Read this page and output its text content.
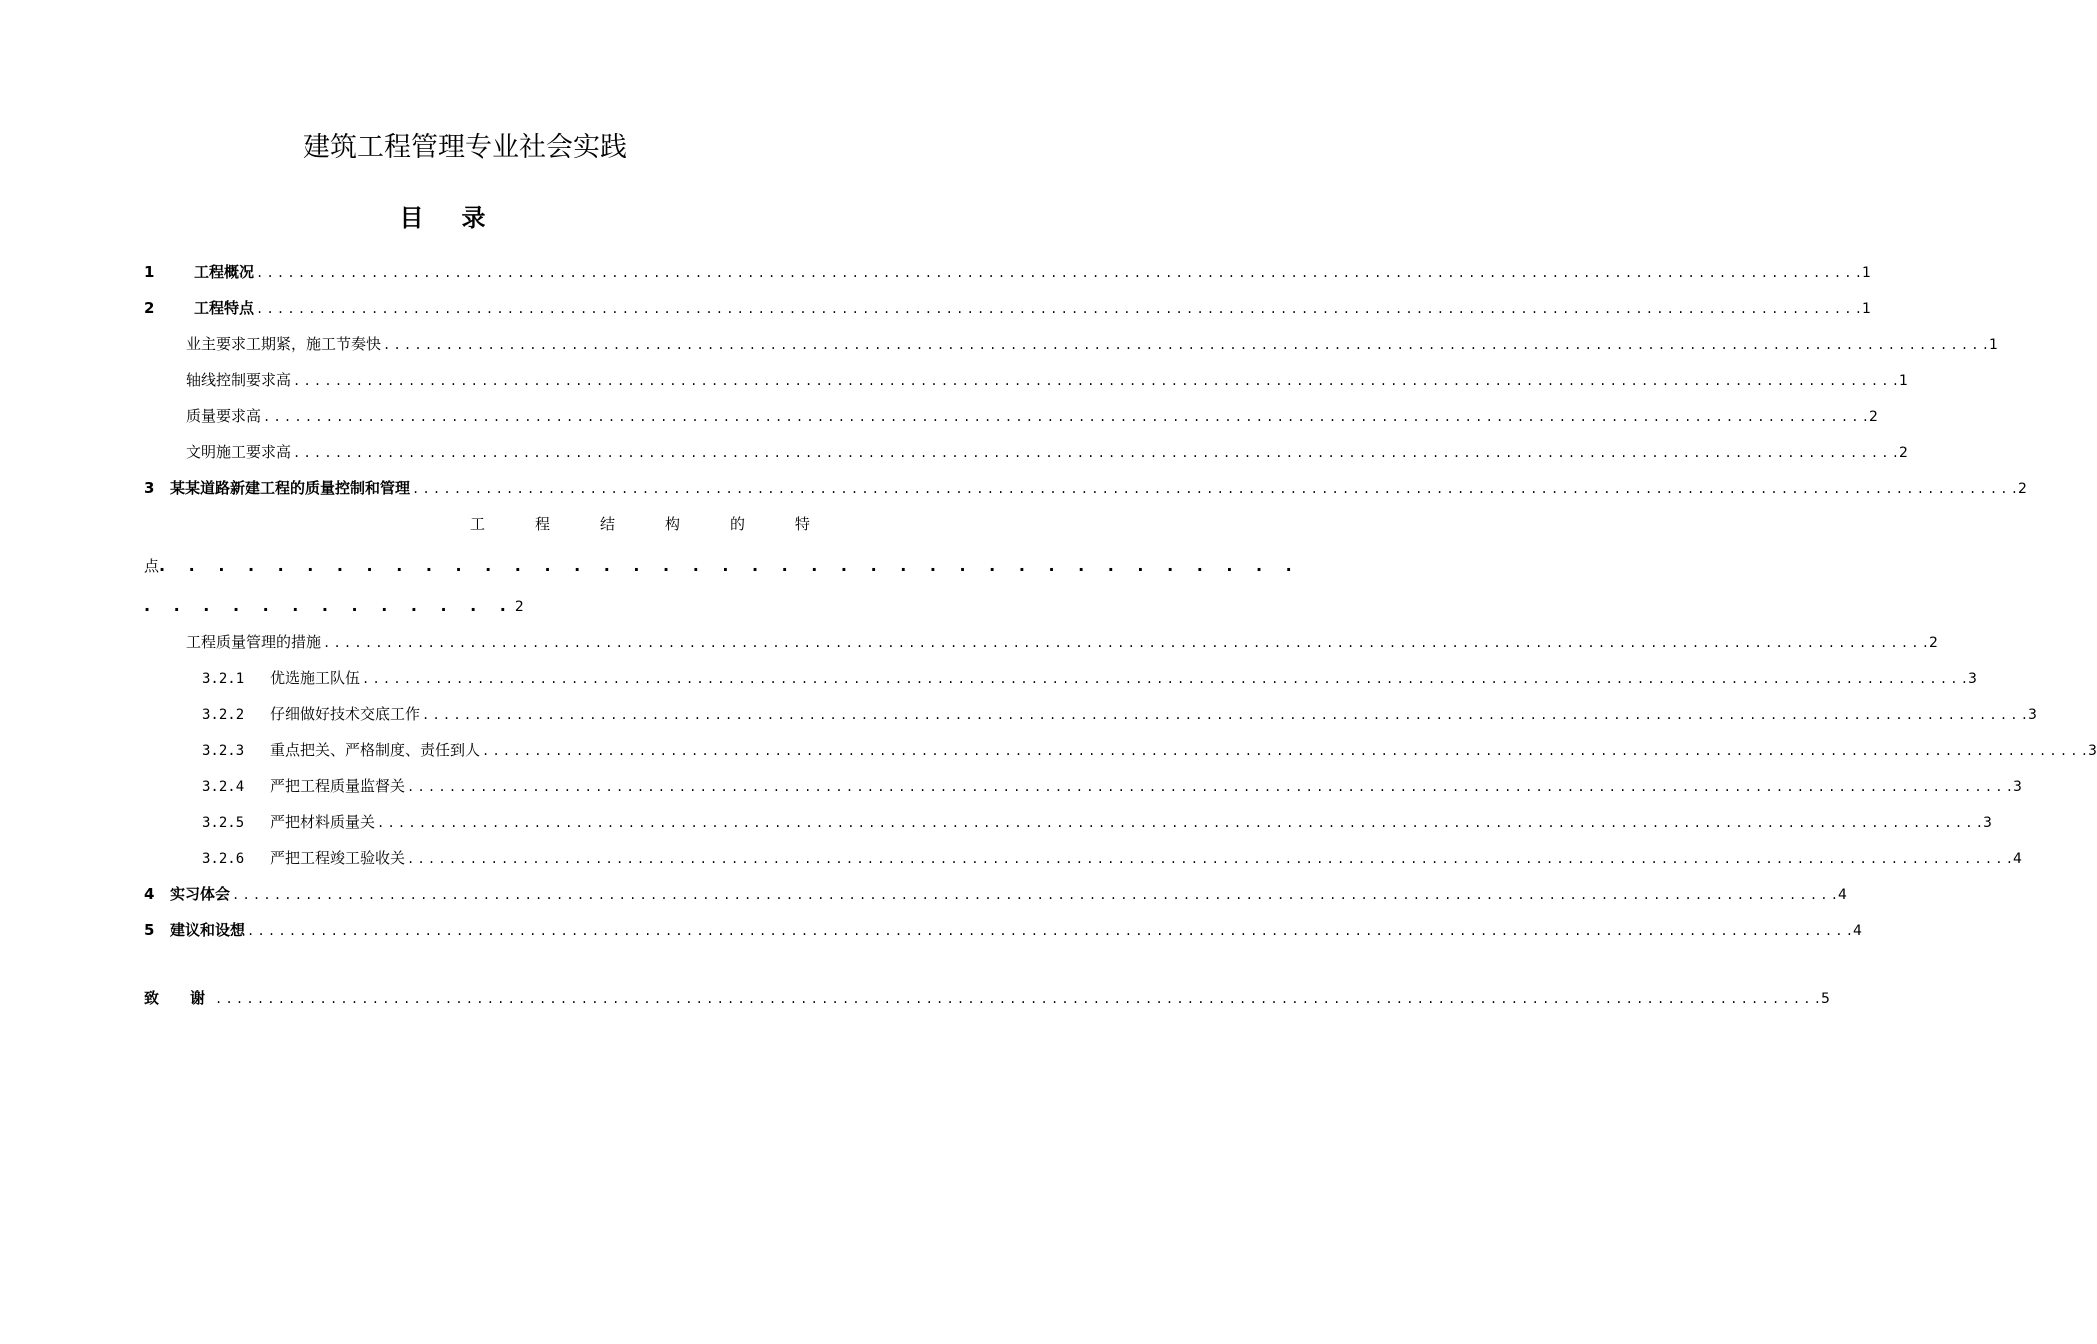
建筑工程管理专业社会实践
目录
1	工程概况 . . .	1
2	工程特点 . . .	1
业主要求工期紧，施工节奏快 . . .	1
轴线控制要求高 . . .	1
质量要求高 . . .	2
文明施工要求高 . . .	2
3	某某道路新建工程的质量控制和管理 . . .	2
工	程	结	构	的	特
点. . . . . . . . . . . . . . . . . . . . . . . . . . . . . . . . . . . . . . .
. . . . . . . . . . . . .2
工程质量管理的措施 . . .	2
3.2.1	优选施工队伍 . . .	3
3.2.2	仔细做好技术交底工作 . . .	3
3.2.3	重点把关、严格制度、责任到人 . . .	3
3.2.4	严把工程质量监督关 . . .	3
3.2.5	严把材料质量关 . . .	3
3.2.6	严把工程竣工验收关 . . .	4
4	实习体会 . . .	4
5	建议和设想 . . .	4
致　谢 . . .	5
